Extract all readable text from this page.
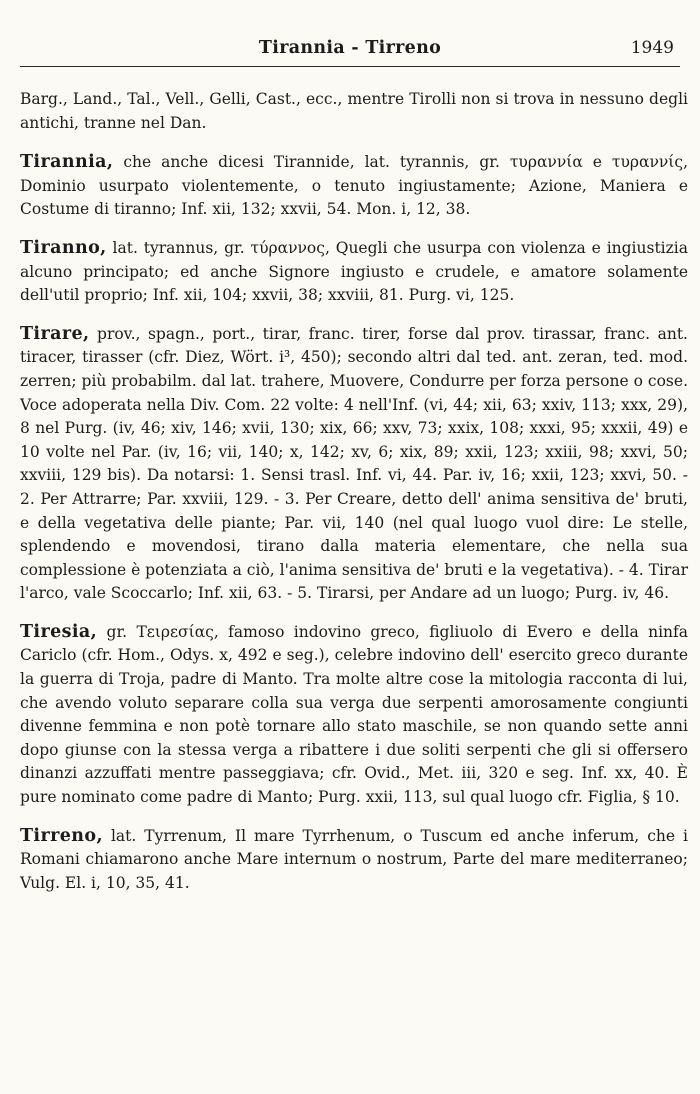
Tirannia - Tirreno	1949

Barg., Land., Tal., Vell., Gelli, Cast., ecc., mentre Tirolli non si trova in nessuno degli antichi, tranne nel Dan.

Tirannia, che anche dicesi Tirannide, lat. tyrannis, gr. τυραννία e τυραννίς, Dominio usurpato violentemente, o tenuto ingiustamente; Azione, Maniera e Costume di tiranno; Inf. xii, 132; xxvii, 54. Mon. i, 12, 38.

Tiranno, lat. tyrannus, gr. τύραννος, Quegli che usurpa con violenza e ingiustizia alcuno principato; ed anche Signore ingiusto e crudele, e amatore solamente dell'util proprio; Inf. xii, 104; xxvii, 38; xxviii, 81. Purg. vi, 125.

Tirare, prov., spagn., port., tirar, franc. tirer, forse dal prov. tirassar, franc. ant. tiracer, tirasser (cfr. Diez, Wört. i³, 450); secondo altri dal ted. ant. zeran, ted. mod. zerren; più probabilm. dal lat. trahere, Muovere, Condurre per forza persone o cose. Voce adoperata nella Div. Com. 22 volte: 4 nell'Inf. (vi, 44; xii, 63; xxiv, 113; xxx, 29), 8 nel Purg. (iv, 46; xiv, 146; xvii, 130; xix, 66; xxv, 73; xxix, 108; xxxi, 95; xxxii, 49) e 10 volte nel Par. (iv, 16; vii, 140; x, 142; xv, 6; xix, 89; xxii, 123; xxiii, 98; xxvi, 50; xxviii, 129 bis). Da notarsi: 1. Sensi trasl. Inf. vi, 44. Par. iv, 16; xxii, 123; xxvi, 50. - 2. Per Attrarre; Par. xxviii, 129. - 3. Per Creare, detto dell' anima sensitiva de' bruti, e della vegetativa delle piante; Par. vii, 140 (nel qual luogo vuol dire: Le stelle, splendendo e movendosi, tirano dalla materia elementare, che nella sua complessione è potenziata a ciò, l'anima sensitiva de' bruti e la vegetativa). - 4. Tirar l'arco, vale Scoccarlo; Inf. xii, 63. - 5. Tirarsi, per Andare ad un luogo; Purg. iv, 46.

Tiresia, gr. Τειρεσίας, famoso indovino greco, figliuolo di Evero e della ninfa Cariclo (cfr. Hom., Odys. x, 492 e seg.), celebre indovino dell' esercito greco durante la guerra di Troja, padre di Manto. Tra molte altre cose la mitologia racconta di lui, che avendo voluto separare colla sua verga due serpenti amorosamente congiunti divenne femmina e non potè tornare allo stato maschile, se non quando sette anni dopo giunse con la stessa verga a ribattere i due soliti serpenti che gli si offersero dinanzi azzuffati mentre passeggiava; cfr. Ovid., Met. iii, 320 e seg. Inf. xx, 40. È pure nominato come padre di Manto; Purg. xxii, 113, sul qual luogo cfr. Figlia, § 10.

Tirreno, lat. Tyrrenum, Il mare Tyrrhenum, o Tuscum ed anche inferum, che i Romani chiamarono anche Mare internum o nostrum, Parte del mare mediterraneo; Vulg. El. i, 10, 35, 41.
